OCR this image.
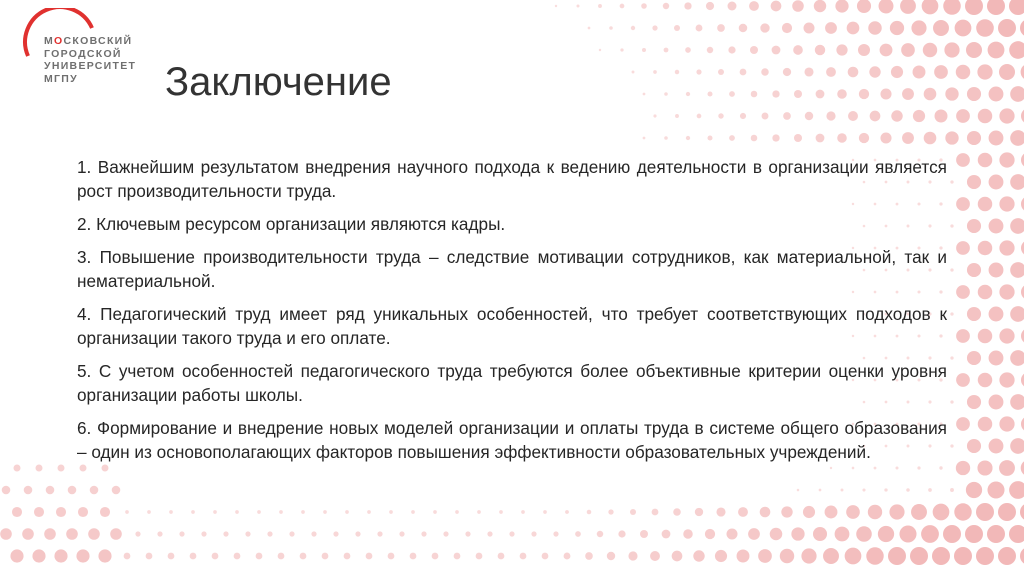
МОСКОВСКИЙ
ГОРОДСКОЙ
УНИВЕРСИТЕТ
МГПУ	Заключение

1. Важнейшим результатом внедрения научного подхода к ведению деятельности в организации является рост производительности труда.

2. Ключевым ресурсом организации являются кадры.

3. Повышение производительности труда – следствие мотивации сотрудников, как материальной, так и нематериальной.

4. Педагогический труд имеет ряд уникальных особенностей, что требует соответствующих подходов к организации такого труда и его оплате.

5. С учетом особенностей педагогического труда требуются более объективные критерии оценки уровня организации работы школы.

6. Формирование и внедрение новых моделей организации и оплаты труда в системе общего образования – один из основополагающих факторов повышения эффективности образовательных учреждений.
